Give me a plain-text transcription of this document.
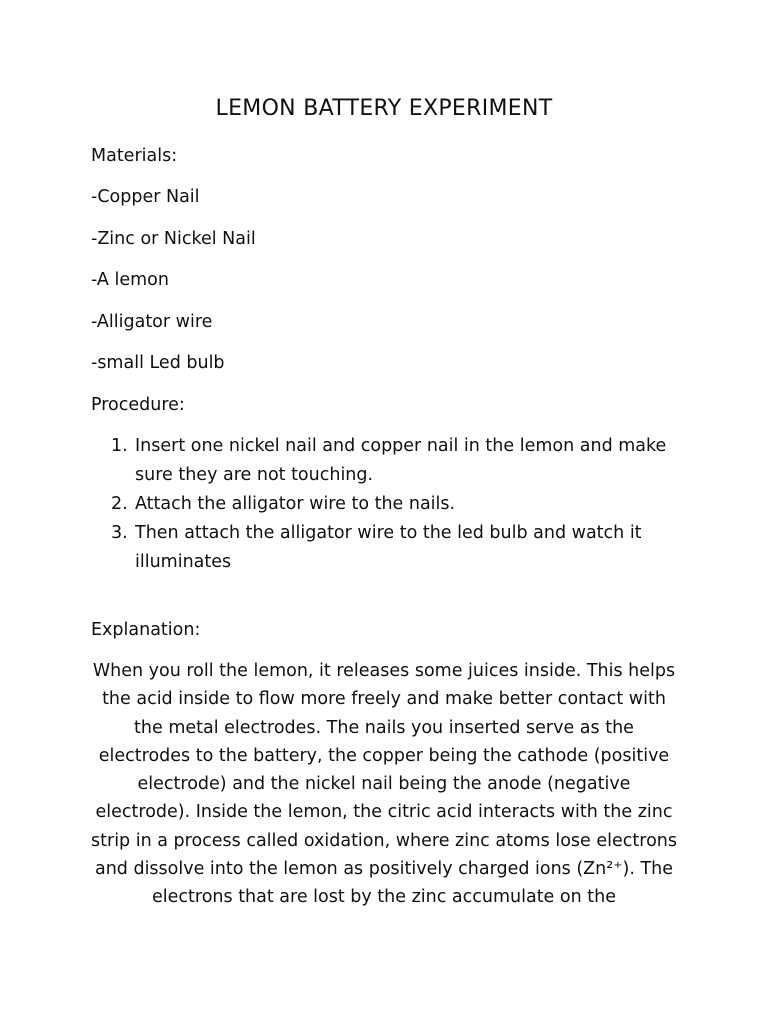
LEMON BATTERY EXPERIMENT

Materials:

-Copper Nail

-Zinc or Nickel Nail

-A lemon

-Alligator wire

-small Led bulb

Procedure:

1. Insert one nickel nail and copper nail in the lemon and make sure they are not touching.
2. Attach the alligator wire to the nails.
3. Then attach the alligator wire to the led bulb and watch it illuminates

Explanation:

When you roll the lemon, it releases some juices inside. This helps the acid inside to flow more freely and make better contact with the metal electrodes. The nails you inserted serve as the electrodes to the battery, the copper being the cathode (positive electrode) and the nickel nail being the anode (negative electrode). Inside the lemon, the citric acid interacts with the zinc strip in a process called oxidation, where zinc atoms lose electrons and dissolve into the lemon as positively charged ions (Zn²⁺). The electrons that are lost by the zinc accumulate on the
